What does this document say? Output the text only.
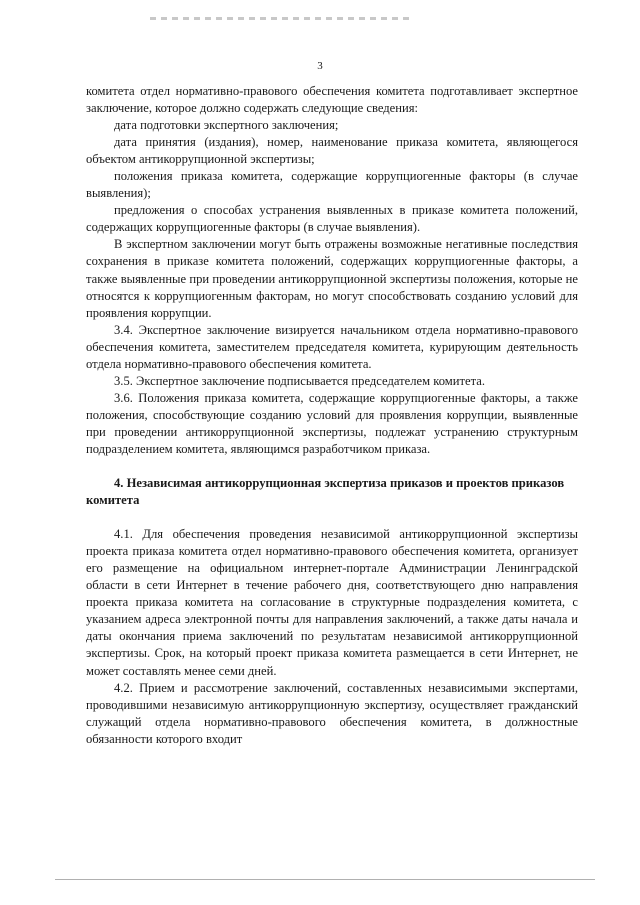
3

комитета отдел нормативно-правового обеспечения комитета подготавливает экспертное заключение, которое должно содержать следующие сведения:

дата подготовки экспертного заключения;

дата принятия (издания), номер, наименование приказа комитета, являющегося объектом антикоррупционной экспертизы;

положения приказа комитета, содержащие коррупциогенные факторы (в случае выявления);

предложения о способах устранения выявленных в приказе комитета положений, содержащих коррупциогенные факторы (в случае выявления).

В экспертном заключении могут быть отражены возможные негативные последствия сохранения в приказе комитета положений, содержащих коррупциогенные факторы, а также выявленные при проведении антикоррупционной экспертизы положения, которые не относятся к коррупциогенным факторам, но могут способствовать созданию условий для проявления коррупции.

3.4. Экспертное заключение визируется начальником отдела нормативно-правового обеспечения комитета, заместителем председателя комитета, курирующим деятельность отдела нормативно-правового обеспечения комитета.

3.5. Экспертное заключение подписывается председателем комитета.

3.6. Положения приказа комитета, содержащие коррупциогенные факторы, а также положения, способствующие созданию условий для проявления коррупции, выявленные при проведении антикоррупционной экспертизы, подлежат устранению структурным подразделением комитета, являющимся разработчиком приказа.

4. Независимая антикоррупционная экспертиза приказов и проектов приказов комитета

4.1. Для обеспечения проведения независимой антикоррупционной экспертизы проекта приказа комитета отдел нормативно-правового обеспечения комитета, организует его размещение на официальном интернет-портале Администрации Ленинградской области в сети Интернет в течение рабочего дня, соответствующего дню направления проекта приказа комитета на согласование в структурные подразделения комитета, с указанием адреса электронной почты для направления заключений, а также даты начала и даты окончания приема заключений по результатам независимой антикоррупционной экспертизы. Срок, на который проект приказа комитета размещается в сети Интернет, не может составлять менее семи дней.

4.2. Прием и рассмотрение заключений, составленных независимыми экспертами, проводившими независимую антикоррупционную экспертизу, осуществляет гражданский служащий отдела нормативно-правового обеспечения комитета, в должностные обязанности которого входит
